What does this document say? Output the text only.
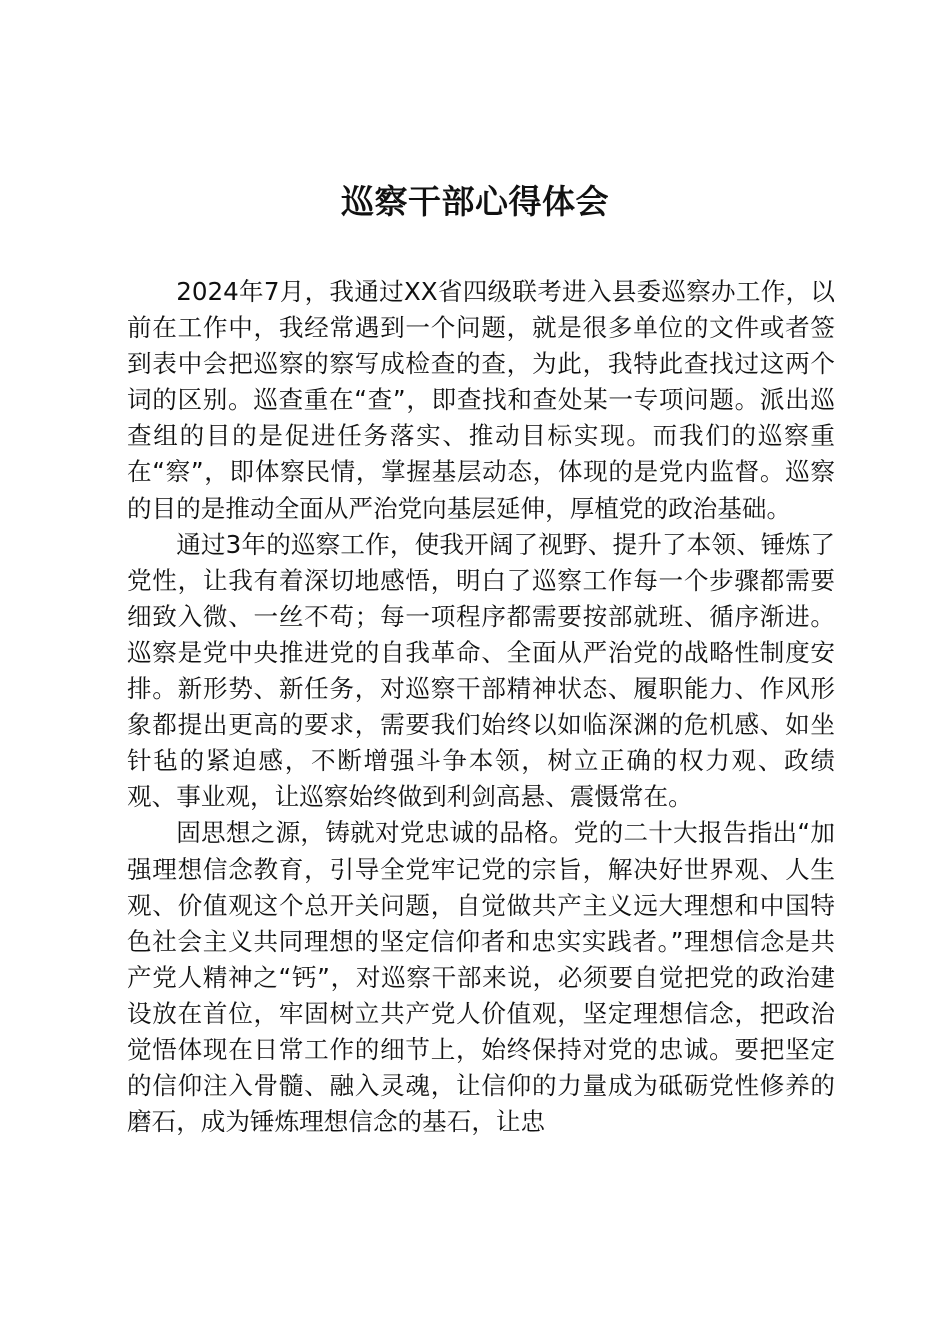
巡察干部心得体会

2024年7月，我通过XX省四级联考进入县委巡察办工作，以前在工作中，我经常遇到一个问题，就是很多单位的文件或者签到表中会把巡察的察写成检查的查，为此，我特此查找过这两个词的区别。巡查重在“查”，即查找和查处某一专项问题。派出巡查组的目的是促进任务落实、推动目标实现。而我们的巡察重在“察”，即体察民情，掌握基层动态，体现的是党内监督。巡察的目的是推动全面从严治党向基层延伸，厚植党的政治基础。

通过3年的巡察工作，使我开阔了视野、提升了本领、锤炼了党性，让我有着深切地感悟，明白了巡察工作每一个步骤都需要细致入微、一丝不苟；每一项程序都需要按部就班、循序渐进。巡察是党中央推进党的自我革命、全面从严治党的战略性制度安排。新形势、新任务，对巡察干部精神状态、履职能力、作风形象都提出更高的要求，需要我们始终以如临深渊的危机感、如坐针毡的紧迫感，不断增强斗争本领，树立正确的权力观、政绩观、事业观，让巡察始终做到利剑高悬、震慑常在。

固思想之源，铸就对党忠诚的品格。党的二十大报告指出“加强理想信念教育，引导全党牢记党的宗旨，解决好世界观、人生观、价值观这个总开关问题，自觉做共产主义远大理想和中国特色社会主义共同理想的坚定信仰者和忠实实践者。”理想信念是共产党人精神之“钙”，对巡察干部来说，必须要自觉把党的政治建设放在首位，牢固树立共产党人价值观，坚定理想信念，把政治觉悟体现在日常工作的细节上，始终保持对党的忠诚。要把坚定的信仰注入骨髓、融入灵魂，让信仰的力量成为砥砺党性修养的磨石，成为锤炼理想信念的基石，让忠
